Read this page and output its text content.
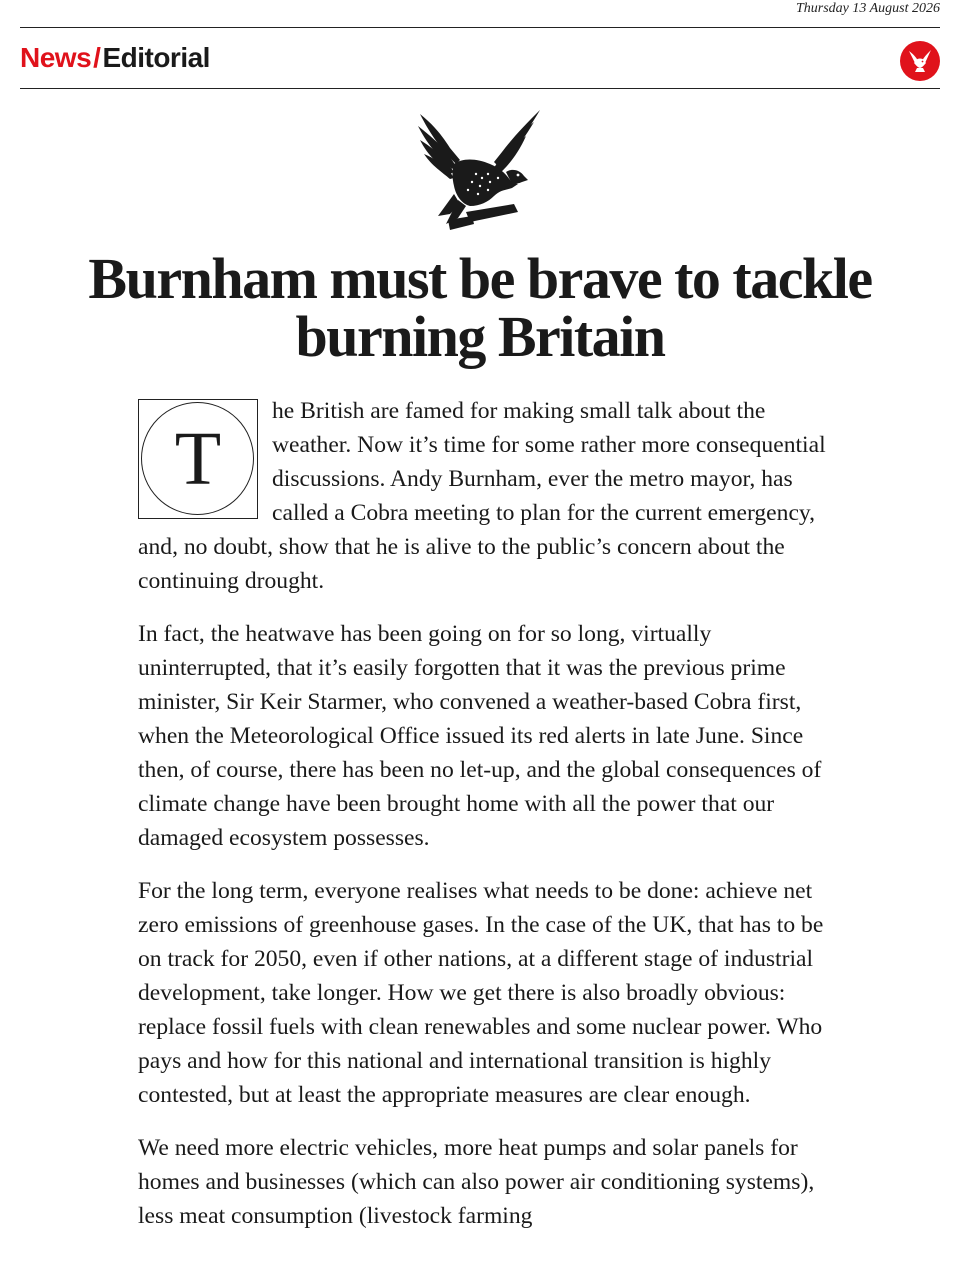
Thursday 13 August 2026
News/Editorial
Burnham must be brave to tackle burning Britain

T
he British are famed for making small talk about the weather. Now it’s time for some rather more consequential discussions. Andy Burnham, ever the metro mayor, has called a Cobra meeting to plan for the current emergency, and, no doubt, show that he is alive to the public’s concern about the continuing drought.

In fact, the heatwave has been going on for so long, virtually uninterrupted, that it’s easily forgotten that it was the previous prime minister, Sir Keir Starmer, who convened a weather-based Cobra first, when the Meteorological Office issued its red alerts in late June. Since then, of course, there has been no let-up, and the global consequences of climate change have been brought home with all the power that our damaged ecosystem possesses.

For the long term, everyone realises what needs to be done: achieve net zero emissions of greenhouse gases. In the case of the UK, that has to be on track for 2050, even if other nations, at a different stage of industrial development, take longer. How we get there is also broadly obvious: replace fossil fuels with clean renewables and some nuclear power. Who pays and how for this national and international transition is highly contested, but at least the appropriate measures are clear enough.

We need more electric vehicles, more heat pumps and solar panels for homes and businesses (which can also power air conditioning systems), less meat consumption (livestock farming
